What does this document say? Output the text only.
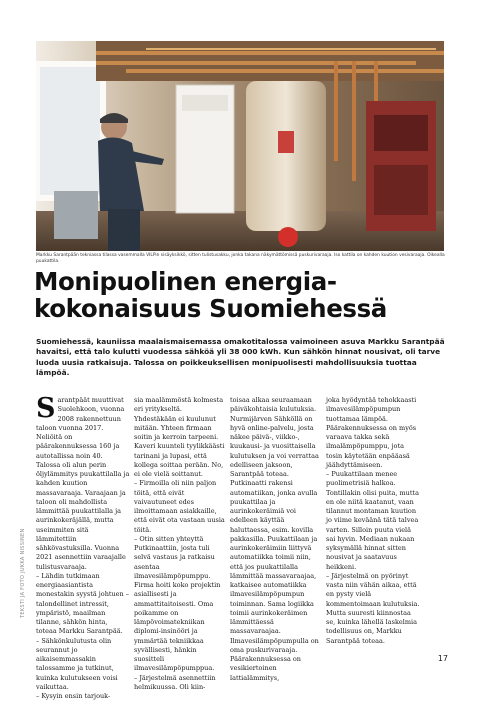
Markku Sarantpään tekniassa tilassa vasemmalla VILPin sisäyksikkö, sitten tulistusakku, jonka takana näkymättömissä puskurivaraaja. Iso kattila on kahden kuution vesivaraaja. Oikealla puukattila.
Monipuolinen energia-
kokonaisuus Suomiehessä
Suomiehessä, kauniissa maalaismaisemassa omakotitalossa vaimoineen asuva Markku Sarantpää havaitsi, että talo kulutti vuodessa sähköä yli 38 000 kWh. Kun sähkön hinnat nousivat, oli tarve luoda uusia ratkaisuja. Talossa on poikkeuksellisen monipuolisesti mahdollisuuksia tuottaa lämpöä.
TEKSTI JA FOTO JUKKA NISSINEN
S arantpäät muuttivat Suolehkoon, vuonna 2008 rakennettuun taloon vuonna 2017. Neliöitä on päärakennuksessa 160 ja autotallissa noin 40.
Talossa oli alun perin öljylämmitys puukattilalla ja kahden kuution massavaraaja. Varaajaan ja taloon oli mahdollista lämmittää puukattilalla ja aurinkokeräjällä, mutta useimmiten sitä lämmitettiin sähkövastuksilla. Vuonna 2021 asennettiin varaajalle tulistusvaraaja.
– Lähdin tutkimaan energiaasiantista monestakin syystä johtuen – talondellinet intressit, ympäristö, maailman tilanne, sähkön hinta, toteaa Markku Sarantpää.
– Sähkönkulutusta olin seurannut jo aikaisemmassakin talossamme ja tutkinut, kuinka kulutukseen voisi vaikuttaa.
– Kysyin ensin tarjouk-

sia maalämmöstä kolmesta eri yritykseltä. Yhdestäkään ei kuulunut mitään. Yhteen firmaan soitin ja kerroin tarpeeni. Kaveri kuunteli tyylikkäästi tarinani ja lupasi, että kollega soittaa perään. No, ei ole vielä soittanut.
– Firmoilla oli niin paljon töitä, että eivät vaivautuneet edes ilmoittamaan asiakkaille, että eivät ota vastaan uusia töitä.
– Otin sitten yhteyttä Putkinaattiin, josta tuli selvä vastaus ja ratkaisu asentaa ilmavesilämpöpumppu. Firma hoiti koko projektin asiallisesti ja ammattitaitoisesti. Oma poikamme on lämpövoimatekniikan diplomi-insinööri ja ymmärtää tekniikkaa syvällisesti, hänkin suositteli ilmavesilämpöpumppua.
– Järjestelmä asennettiin helmikuussa. Oli kiin-

toisaa alkaa seuraamaan päiväkohtaisia kulutuksia. Nurmijärven Sähköllä on hyvä online-palvelu, josta näkee päivä-, viikko-, kuukausi- ja vuosittaisella kulutuksen ja voi verrattaa edelliseen jaksoon, Sarantpää toteaa.
Putkinaatti rakensi automatiikan, jonka avulla puukattilaa ja aurinkokeräimiä voi edelleen käyttää haluttaessa, esim. kovilla pakkasilla. Puukattilaan ja aurinkokeräimiin liittyvä automatiikka toimii niin, että jos puukattilalla lämmittää massavaraajaa, katkaisee automatiikka ilmavesilämpöpumpun toiminnan. Sama logiikka toimii aurinkokeräimen lämmittäessä massavaraajaa.
Ilmavesilämpöpumpulla on oma puskurivaraaja. Päärakennuksessa on vesikiertoinen lattialämmitys,

joka hyödyntää tehokkaasti ilmavesilämpöpumpun tuottamaa lämpöä. Päärakennuksessa on myös varaava takka sekä ilmalämpöpumppu, jota tosin käytetään enpääasä jäähdyttämiseen.
– Puukattilaan menee puolimetrisiä halkoa. Tontillakin olisi puita, mutta en ole niitä kaatanut, vaan tilannut montaman kuution jo viime keväänä tätä talvea varten. Silloin puuta vielä sai hyvin. Mediaan nukaan syksymällä hinnat sitten nousivat ja saatavuus heikkeni.
– Järjestelmä on pyörinyt vasta niin vähän aikaa, että en pysty vielä kommentoimaan kulutuksia. Mutta suuresti kiinnostaa se, kuinka lähellä laskelmia todellisuus on, Markku Sarantpää toteaa.

17
